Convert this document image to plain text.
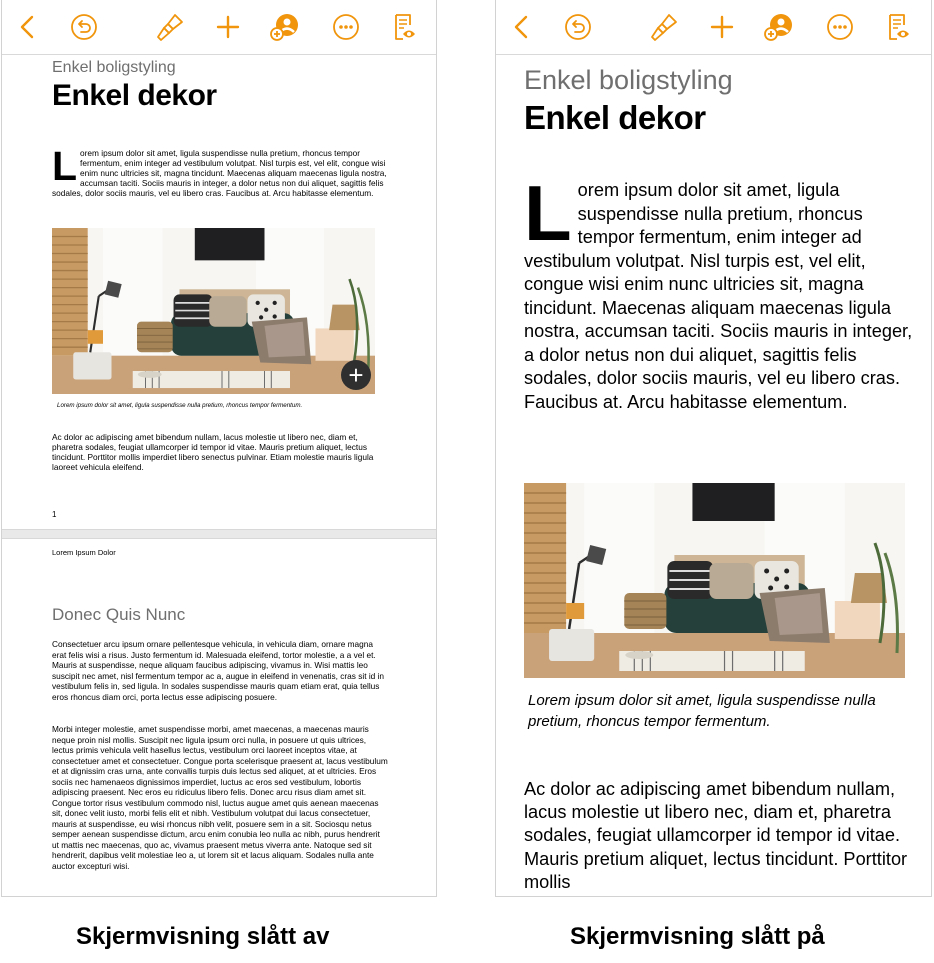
Enkel boligstyling
Enkel dekor

Lorem ipsum dolor sit amet, ligula suspendisse nulla pretium, rhoncus tempor fermentum, enim integer ad vestibulum volutpat. Nisl turpis est, vel elit, congue wisi enim nunc ultricies sit, magna tincidunt. Maecenas aliquam maecenas ligula nostra, accumsan taciti. Sociis mauris in integer, a dolor netus non dui aliquet, sagittis felis sodales, dolor sociis mauris, vel eu libero cras. Faucibus at. Arcu habitasse elementum.

+

Lorem ipsum dolor sit amet, ligula suspendisse nulla pretium, rhoncus tempor fermentum.

Ac dolor ac adipiscing amet bibendum nullam, lacus molestie ut libero nec, diam et, pharetra sodales, feugiat ullamcorper id tempor id vitae. Mauris pretium aliquet, lectus tincidunt. Porttitor mollis imperdiet libero senectus pulvinar. Etiam molestie mauris ligula laoreet vehicula eleifend.

1
Lorem Ipsum Dolor
Donec Quis Nunc

Consectetuer arcu ipsum ornare pellentesque vehicula, in vehicula diam, ornare magna erat felis wisi a risus. Justo fermentum id. Malesuada eleifend, tortor molestie, a a vel et. Mauris at suspendisse, neque aliquam faucibus adipiscing, vivamus in. Wisi mattis leo suscipit nec amet, nisl fermentum tempor ac a, augue in eleifend in venenatis, cras sit id in vestibulum felis in, sed ligula. In sodales suspendisse mauris quam etiam erat, quia tellus eros rhoncus diam orci, porta lectus esse adipiscing posuere.

Morbi integer molestie, amet suspendisse morbi, amet maecenas, a maecenas mauris neque proin nisl mollis. Suscipit nec ligula ipsum orci nulla, in posuere ut quis ultrices, lectus primis vehicula velit hasellus lectus, vestibulum orci laoreet inceptos vitae, at consectetuer amet et consectetuer. Congue porta scelerisque praesent at, lacus vestibulum et at dignissim cras urna, ante convallis turpis duis lectus sed aliquet, at et ultricies. Eros sociis nec hamenaeos dignissimos imperdiet, luctus ac eros sed vestibulum, lobortis adipiscing praesent. Nec eros eu ridiculus libero felis. Donec arcu risus diam amet sit. Congue tortor risus vestibulum commodo nisl, luctus augue amet quis aenean maecenas sit, donec velit iusto, morbi felis elit et nibh. Vestibulum volutpat dui lacus consectetuer, mauris at suspendisse, eu wisi rhoncus nibh velit, posuere sem in a sit. Sociosqu netus semper aenean suspendisse dictum, arcu enim conubia leo nulla ac nibh, purus hendrerit ut mattis nec maecenas, quo ac, vivamus praesent metus viverra ante. Natoque sed sit hendrerit, dapibus velit molestiae leo a, ut lorem sit et lacus aliquam. Sodales nulla ante auctor excepturi wisi.

Enkel boligstyling
Enkel dekor

Lorem ipsum dolor sit amet, ligula suspendisse nulla pretium, rhoncus tempor fermentum, enim integer ad vestibulum volutpat. Nisl turpis est, vel elit, congue wisi enim nunc ultricies sit, magna tincidunt. Maecenas aliquam maecenas ligula nostra, accumsan taciti. Sociis mauris in integer, a dolor netus non dui aliquet, sagittis felis sodales, dolor sociis mauris, vel eu libero cras. Faucibus at. Arcu habitasse elementum.

Lorem ipsum dolor sit amet, ligula suspendisse nulla pretium, rhoncus tempor fermentum.

Ac dolor ac adipiscing amet bibendum nullam, lacus molestie ut libero nec, diam et, pharetra sodales, feugiat ullamcorper id tempor id vitae. Mauris pretium aliquet, lectus tincidunt. Porttitor mollis

Skjermvisning slått av	Skjermvisning slått på
